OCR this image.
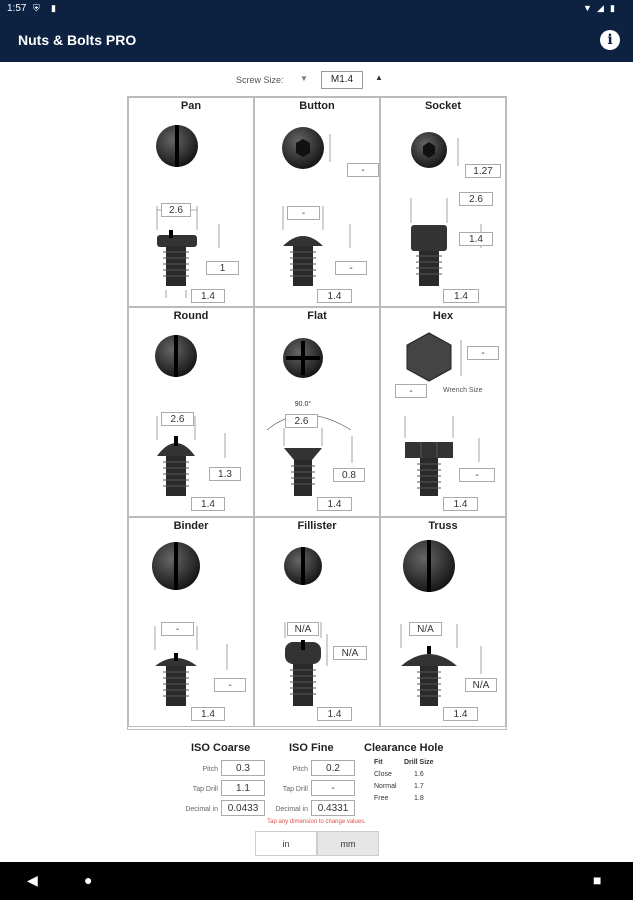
1:57 ⛨ ▮	▼ ◢ ▮
Nuts & Bolts PRO	i
Screw Size: ▼	M1.4	▲
Pan
2.6
1
1.4
Button
-
-
-
1.4
Socket
1.27
2.6
1.4
1.4
Round
2.6
1.3
1.4
Flat
90.0°
2.6
0.8
1.4
Hex
-
-	Wrench Size
-
1.4
Binder
-
-
1.4
Fillister
N/A
N/A
1.4
Truss
N/A
N/A
1.4
ISO Coarse
Pitch	0.3
Tap Drill	1.1
Decimal in 0.0433
ISO Fine
Pitch	0.2
Tap Drill	-
Decimal in 0.4331
Clearance Hole
Fit	Drill Size
Close	1.6
Normal 1.7
Free	1.8
Tap any dimension to change values.
in	mm
◀	●	■
